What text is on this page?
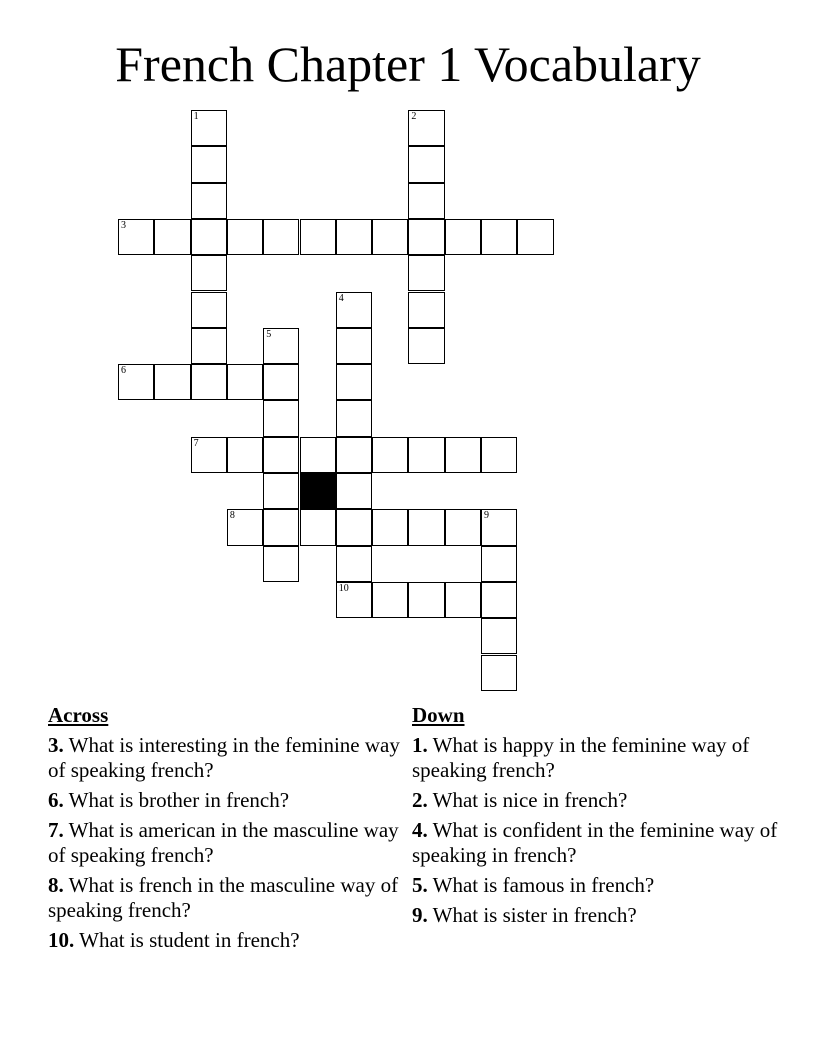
French Chapter 1 Vocabulary
1	2
3
4
5
6
7
8	9
10
Across
3. What is interesting in the feminine way of speaking french?
6. What is brother in french?
7. What is american in the masculine way of speaking french?
8. What is french in the masculine way of speaking french?
10. What is student in french?
Down
1. What is happy in the feminine way of speaking french?
2. What is nice in french?
4. What is confident in the feminine way of speaking in french?
5. What is famous in french?
9. What is sister in french?
